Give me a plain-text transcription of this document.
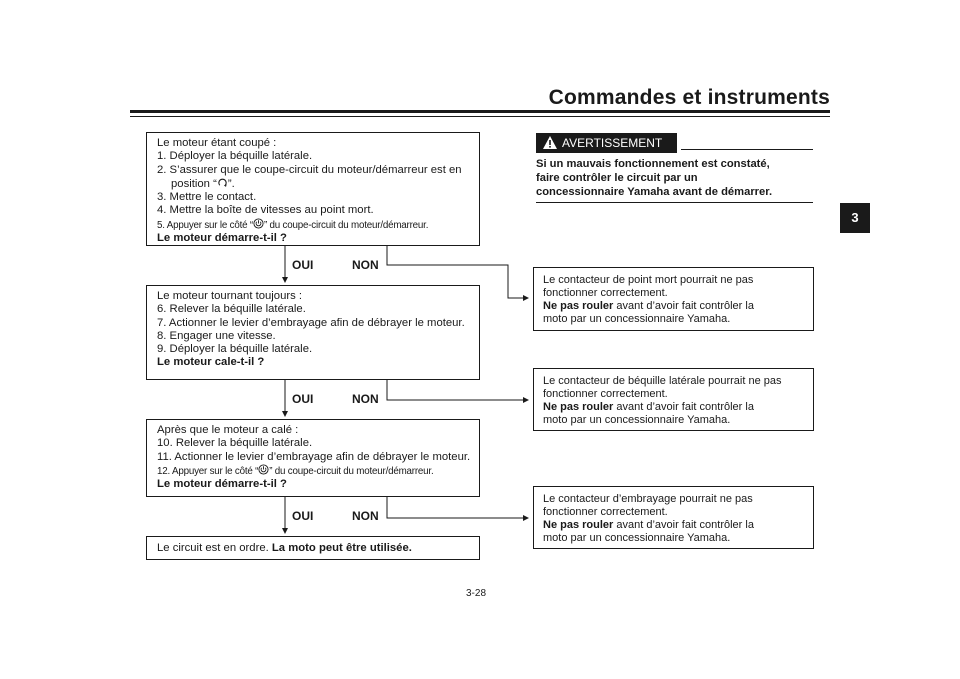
Commandes et instruments
3
Le moteur étant coupé :
1. Déployer la béquille latérale.
2. S’assurer que le coupe-circuit du moteur/démarreur est en
position “ ”.
3. Mettre le contact.
4. Mettre la boîte de vitesses au point mort.
5. Appuyer sur le côté “ ” du coupe-circuit du moteur/démarreur.
Le moteur démarre-t-il ?
OUI	NON
Le moteur tournant toujours :
6. Relever la béquille latérale.
7. Actionner le levier d’embrayage afin de débrayer le moteur.
8. Engager une vitesse.
9. Déployer la béquille latérale.
Le moteur cale-t-il ?
OUI	NON
Après que le moteur a calé :
10. Relever la béquille latérale.
11. Actionner le levier d’embrayage afin de débrayer le moteur.
12. Appuyer sur le côté “ ” du coupe-circuit du moteur/démarreur.
Le moteur démarre-t-il ?
OUI	NON
Le circuit est en ordre. La moto peut être utilisée.
AVERTISSEMENT
Si un mauvais fonctionnement est constaté,
faire contrôler le circuit par un
concessionnaire Yamaha avant de démarrer.
Le contacteur de point mort pourrait ne pas
fonctionner correctement.
Ne pas rouler avant d’avoir fait contrôler la
moto par un concessionnaire Yamaha.
Le contacteur de béquille latérale pourrait ne pas
fonctionner correctement.
Ne pas rouler avant d’avoir fait contrôler la
moto par un concessionnaire Yamaha.
Le contacteur d’embrayage pourrait ne pas
fonctionner correctement.
Ne pas rouler avant d’avoir fait contrôler la
moto par un concessionnaire Yamaha.
3-28
